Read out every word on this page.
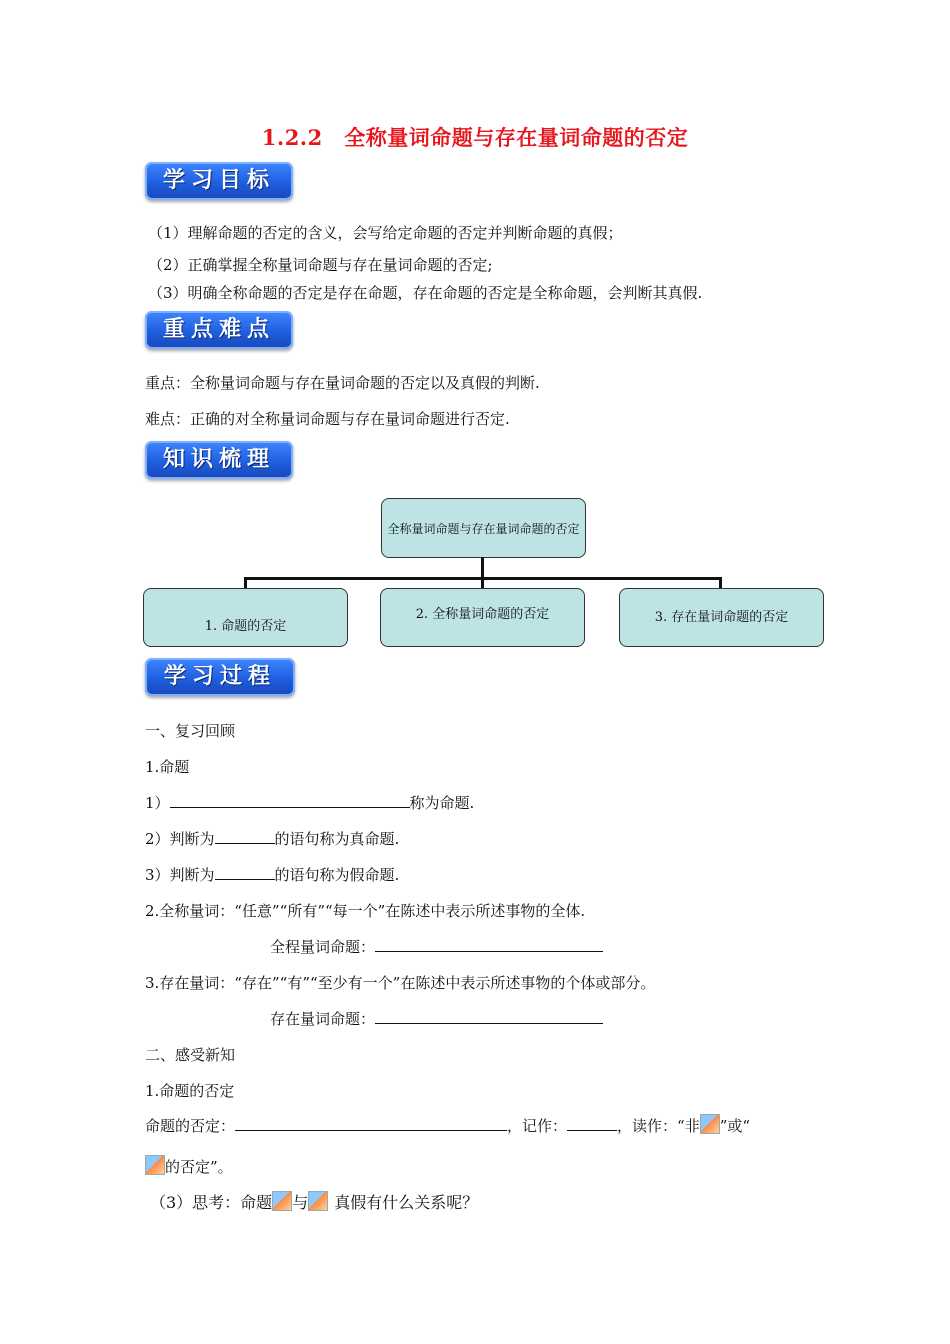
1.2.2　全称量词命题与存在量词命题的否定
学习目标
（1）理解命题的否定的含义，会写给定命题的否定并判断命题的真假；
（2）正确掌握全称量词命题与存在量词命题的否定;
（3）明确全称命题的否定是存在命题，存在命题的否定是全称命题，会判断其真假.
重点难点
重点：全称量词命题与存在量词命题的否定以及真假的判断.
难点：正确的对全称量词命题与存在量词命题进行否定.
知识梳理
全称量词命题与存在量词命题的否定
1. 命题的否定
2. 全称量词命题的否定	3. 存在量词命题的否定
学习过程
一、复习回顾
1.命题
1）	称为命题.
2）判断为	的语句称为真命题.
3）判断为	的语句称为假命题.
2.全称量词：“任意”“所有”“每一个”在陈述中表示所述事物的全体.
全程量词命题：
3.存在量词：“存在”“有”“至少有一个”在陈述中表示所述事物的个体或部分。
存在量词命题：
二、感受新知
1.命题的否定
命题的否定：	，记作：	，读作：“非 ”或“
的否定”。
（3）思考：命题 与 真假有什么关系呢？
